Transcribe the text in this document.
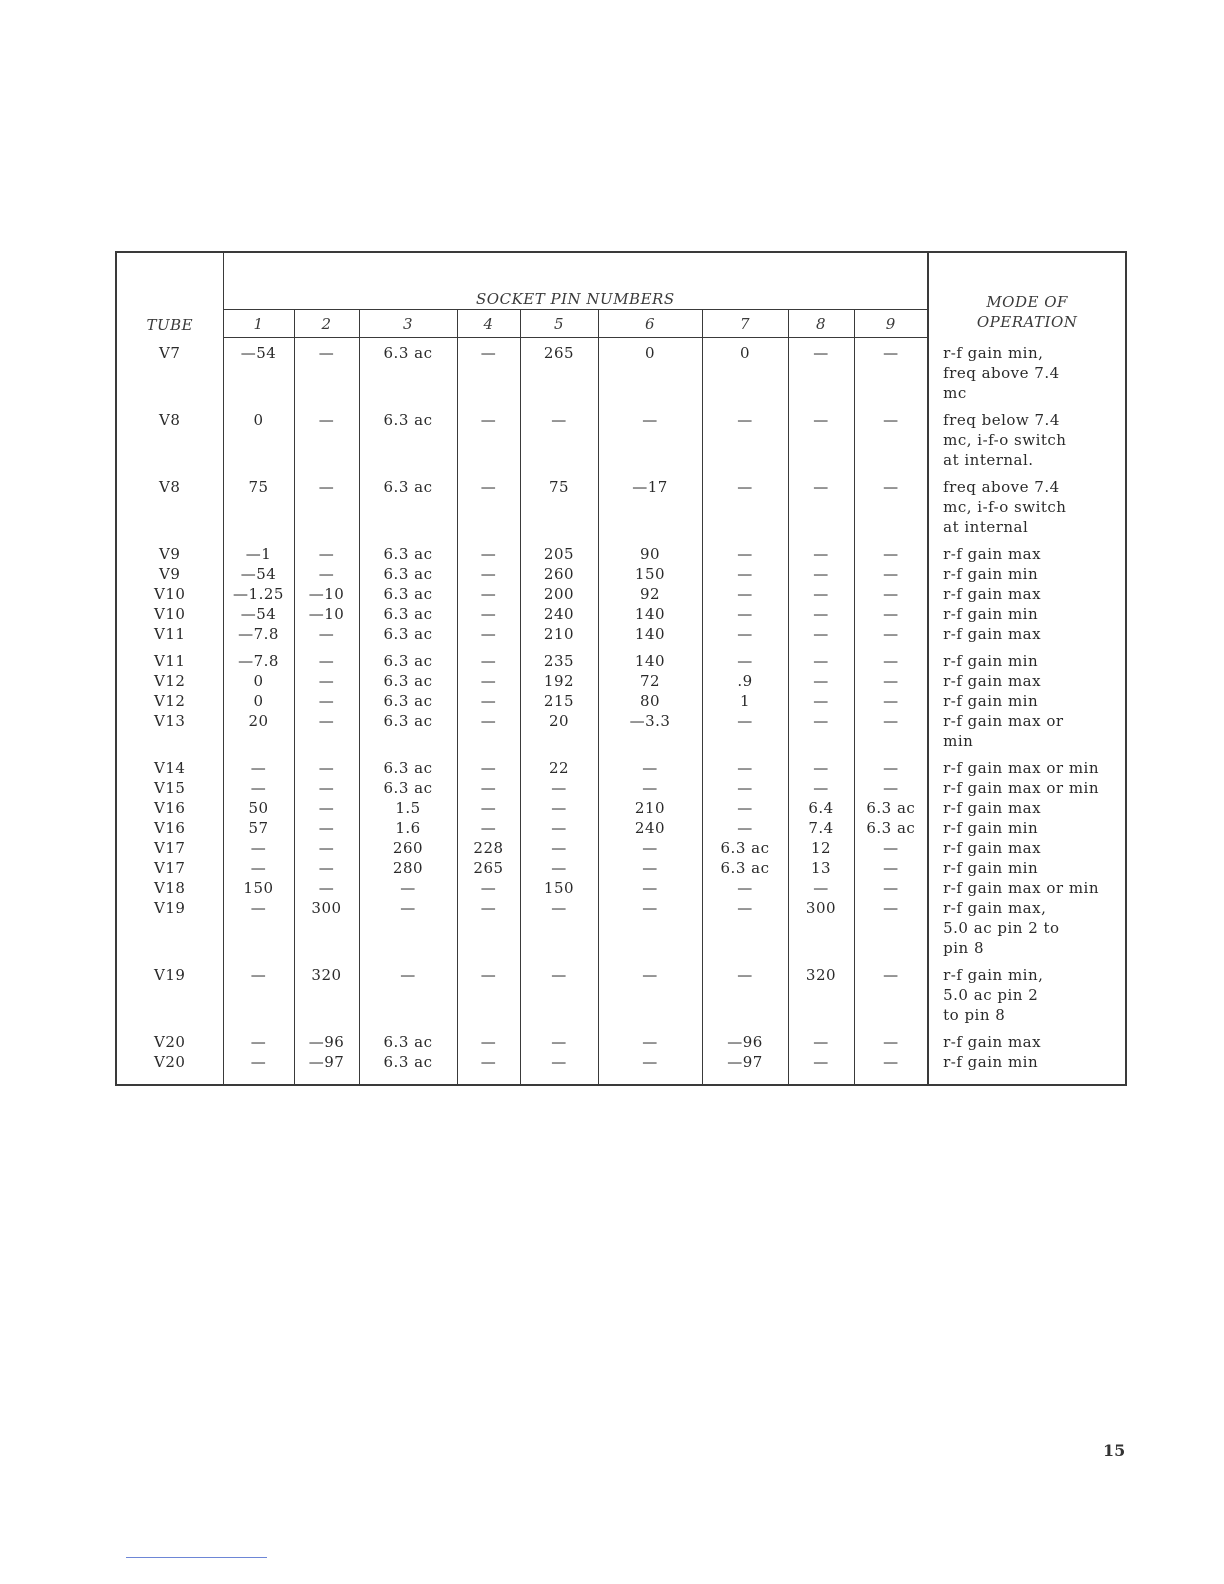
TUBE	SOCKET PIN NUMBERS									MODE OF
OPERATION

	1	2	3	4	5	6	7	8	9	
V7	—54	—	6.3 ac	—	265	0	0	—	—	r-f gain min,
freq above 7.4
mc

V8	0	—	6.3 ac	—	—	—	—	—	—	freq below 7.4
mc, i-f-o switch
at internal.

V8	75	—	6.3 ac	—	75	—17	—	—	—	freq above 7.4
mc, i-f-o switch
at internal

V9	—1	—	6.3 ac	—	205	90	—	—	—	r-f gain max

V9	—54	—	6.3 ac	—	260	150	—	—	—	r-f gain min

V10	—1.25	—10	6.3 ac	—	200	92	—	—	—	r-f gain max

V10	—54	—10	6.3 ac	—	240	140	—	—	—	r-f gain min

V11	—7.8	—	6.3 ac	—	210	140	—	—	—	r-f gain max

V11	—7.8	—	6.3 ac	—	235	140	—	—	—	r-f gain min

V12	0	—	6.3 ac	—	192	72	.9	—	—	r-f gain max

V12	0	—	6.3 ac	—	215	80	1	—	—	r-f gain min

V13	20	—	6.3 ac	—	20	—3.3	—	—	—	r-f gain max or
min

V14	—	—	6.3 ac	—	22	—	—	—	—	r-f gain max or min

V15	—	—	6.3 ac	—	—	—	—	—	—	r-f gain max or min

V16	50	—	1.5	—	—	210	—	6.4	6.3 ac	r-f gain max

V16	57	—	1.6	—	—	240	—	7.4	6.3 ac	r-f gain min

V17	—	—	260	228	—	—	6.3 ac	12	—	r-f gain max

V17	—	—	280	265	—	—	6.3 ac	13	—	r-f gain min

V18	150	—	—	—	150	—	—	—	—	r-f gain max or min

V19	—	300	—	—	—	—	—	300	—	r-f gain max,
5.0 ac pin 2 to
pin 8

V19	—	320	—	—	—	—	—	320	—	r-f gain min,
5.0 ac pin 2
to pin 8

V20	—	—96	6.3 ac	—	—	—	—96	—	—	r-f gain max

V20	—	—97	6.3 ac	—	—	—	—97	—	—	r-f gain min
15
